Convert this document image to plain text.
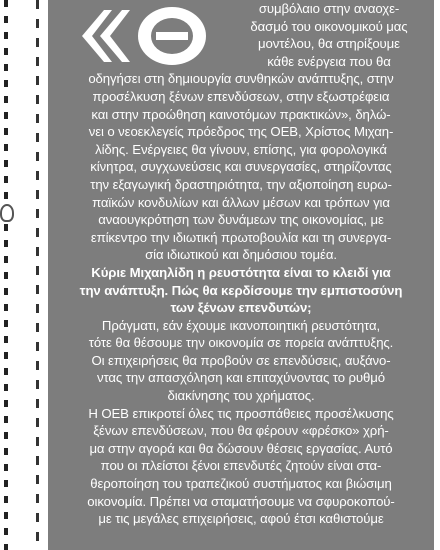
συμβόλαιο στην αναοχε-
δασμό του οικονομικού μας
μοντέλου, θα στηρίξουμε
κάθε ενέργεια που θα
οδηγήσει στη δημιουργία συνθηκών ανάπτυξης, στην
προσέλκυση ξένων επενδύσεων, στην εξωστρέφεια
και στην προώθηση καινοτόμων πρακτικών», δηλώ-
νει ο νεοεκλεγείς πρόεδρος της ΟΕΒ, Χρίστος Μιχαη-
λίδης. Ενέργειες θα γίνουν, επίσης, για φορολογικά
κίνητρα, συγχωνεύσεις και συνεργασίες, στηρίζοντας
την εξαγωγική δραστηριότητα, την αξιοποίηση ευρω-
παϊκών κονδυλίων και άλλων μέσων και τρόπων για
αναουγκρότηση των δυνάμεων της οικονομίας, με
επίκεντρο την ιδιωτική πρωτοβουλία και τη συνεργα-
σία ιδιωτικού και δημόσιου τομέα.
Κύριε Μιχαηλίδη η ρευστότητα είναι το κλειδί για
την ανάπτυξη. Πώς θα κερδίσουμε την εμπιστοσύνη
των ξένων επενδυτών;
Πράγματι, εάν έχουμε ικανοποιητική ρευστότητα,
τότε θα θέσουμε την οικονομία σε πορεία ανάπτυξης.
Οι επιχειρήσεις θα προβούν σε επενδύσεις, αυξάνο-
ντας την απασχόληση και επιταχύνοντας το ρυθμό
διακίνησης του χρήματος.
Η ΟΕΒ επικροτεί όλες τις προσπάθειες προσέλκυσης
ξένων επενδύσεων, που θα φέρουν «φρέσκο» χρή-
μα στην αγορά και θα δώσουν θέσεις εργασίας. Αυτό
που οι πλείστοι ξένοι επενδυτές ζητούν είναι στα-
θεροποίηση του τραπεζικού συστήματος και βιώσιμη
οικονομία. Πρέπει να σταματήσουμε να σφυροκοπού-
με τις μεγάλες επιχειρήσεις, αφού έτσι καθιστούμε
